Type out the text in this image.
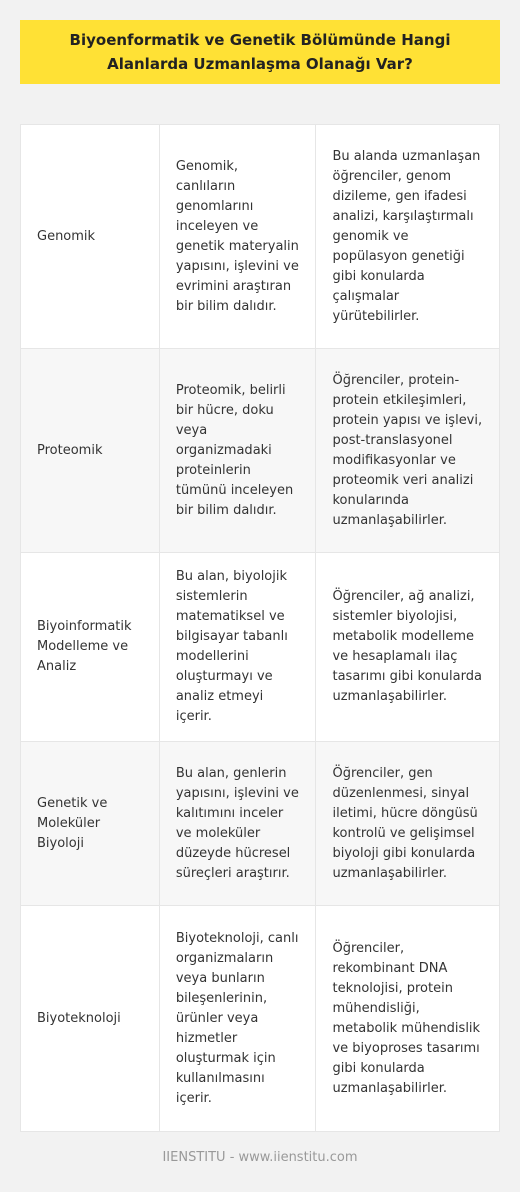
Biyoenformatik ve Genetik Bölümünde Hangi Alanlarda Uzmanlaşma Olanağı Var?
Genomik	Genomik, canlıların genomlarını inceleyen ve genetik materyalin yapısını, işlevini ve evrimini araştıran bir bilim dalıdır.	Bu alanda uzmanlaşan öğrenciler, genom dizileme, gen ifadesi analizi, karşılaştırmalı genomik ve popülasyon genetiği gibi konularda çalışmalar yürütebilirler.
Proteomik	Proteomik, belirli bir hücre, doku veya organizmadaki proteinlerin tümünü inceleyen bir bilim dalıdır.	Öğrenciler, protein-protein etkileşimleri, protein yapısı ve işlevi, post-translasyonel modifikasyonlar ve proteomik veri analizi konularında uzmanlaşabilirler.
Biyoinformatik Modelleme ve Analiz	Bu alan, biyolojik sistemlerin matematiksel ve bilgisayar tabanlı modellerini oluşturmayı ve analiz etmeyi içerir.	Öğrenciler, ağ analizi, sistemler biyolojisi, metabolik modelleme ve hesaplamalı ilaç tasarımı gibi konularda uzmanlaşabilirler.
Genetik ve Moleküler Biyoloji	Bu alan, genlerin yapısını, işlevini ve kalıtımını inceler ve moleküler düzeyde hücresel süreçleri araştırır.	Öğrenciler, gen düzenlenmesi, sinyal iletimi, hücre döngüsü kontrolü ve gelişimsel biyoloji gibi konularda uzmanlaşabilirler.
Biyoteknoloji	Biyoteknoloji, canlı organizmaların veya bunların bileşenlerinin, ürünler veya hizmetler oluşturmak için kullanılmasını içerir.	Öğrenciler, rekombinant DNA teknolojisi, protein mühendisliği, metabolik mühendislik ve biyoproses tasarımı gibi konularda uzmanlaşabilirler.
IIENSTITU - www.iienstitu.com
